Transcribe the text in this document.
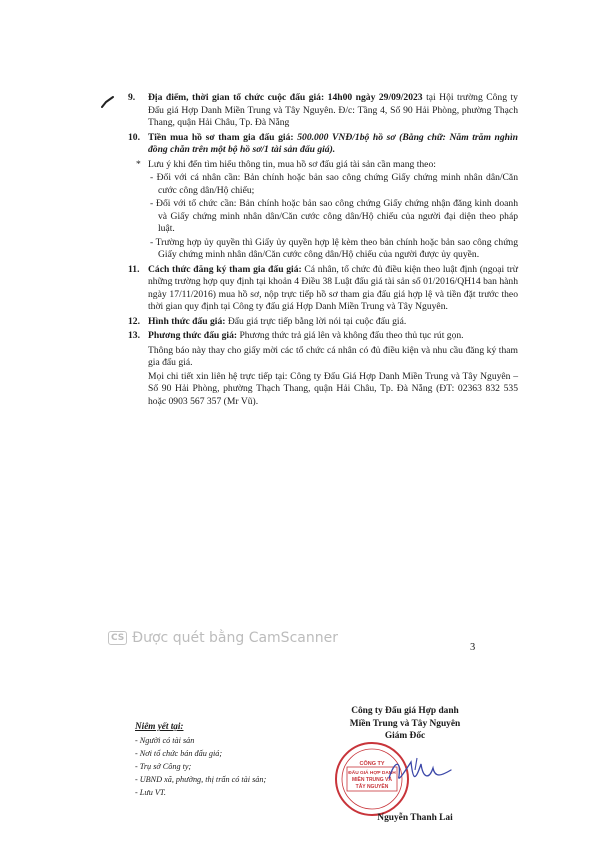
9. Địa điểm, thời gian tổ chức cuộc đấu giá: 14h00 ngày 29/09/2023 tại Hội trường Công ty Đấu giá Hợp Danh Miền Trung và Tây Nguyên. Đ/c: Tầng 4, Số 90 Hải Phòng, phường Thạch Thang, quận Hải Châu, Tp. Đà Nẵng
10. Tiền mua hồ sơ tham gia đấu giá: 500.000 VNĐ/1bộ hồ sơ (Bằng chữ: Năm trăm nghìn đồng chẵn trên một bộ hồ sơ/1 tài sản đấu giá).
* Lưu ý khi đến tìm hiểu thông tin, mua hồ sơ đấu giá tài sản cần mang theo:
- Đối với cá nhân cần: Bản chính hoặc bản sao công chứng Giấy chứng minh nhân dân/Căn cước công dân/Hộ chiếu;
- Đối với tổ chức cần: Bản chính hoặc bản sao công chứng Giấy chứng nhận đăng kinh doanh và Giấy chứng minh nhân dân/Căn cước công dân/Hộ chiếu của người đại diện theo pháp luật.
- Trường hợp ủy quyền thì Giấy ủy quyền hợp lệ kèm theo bản chính hoặc bản sao công chứng Giấy chứng minh nhân dân/Căn cước công dân/Hộ chiếu của người được ủy quyền.
11. Cách thức đăng ký tham gia đấu giá: Cá nhân, tổ chức đủ điều kiện theo luật định (ngoại trừ những trường hợp quy định tại khoản 4 Điều 38 Luật đấu giá tài sản số 01/2016/QH14 ban hành ngày 17/11/2016) mua hồ sơ, nộp trực tiếp hồ sơ tham gia đấu giá hợp lệ và tiền đặt trước theo thời gian quy định tại Công ty đấu giá Hợp Danh Miền Trung và Tây Nguyên.
12. Hình thức đấu giá: Đấu giá trực tiếp bằng lời nói tại cuộc đấu giá.
13. Phương thức đấu giá: Phương thức trả giá lên và không đấu theo thủ tục rút gọn.
Thông báo này thay cho giấy mời các tổ chức cá nhân có đủ điều kiện và nhu cầu đăng ký tham gia đấu giá.
Mọi chi tiết xin liên hệ trực tiếp tại: Công ty Đấu Giá Hợp Danh Miền Trung và Tây Nguyên – Số 90 Hải Phòng, phường Thạch Thang, quận Hải Châu, Tp. Đà Nẵng (ĐT: 02363 832 535 hoặc 0903 567 357 (Mr Vũ).
CS Được quét bằng CamScanner
3
Niêm yết tại:
- Người có tài sản
- Nơi tổ chức bán đấu giá;
- Trụ sở Công ty;
- UBND xã, phường, thị trấn có tài sản;
- Lưu VT.
Công ty Đấu giá Hợp danh
Miền Trung và Tây Nguyên
Giám Đốc
CÔNG TY
ĐẤU GIÁ HỢP DANH
MIỀN TRUNG VÀ
TÂY NGUYÊN
Nguyễn Thanh Lai
